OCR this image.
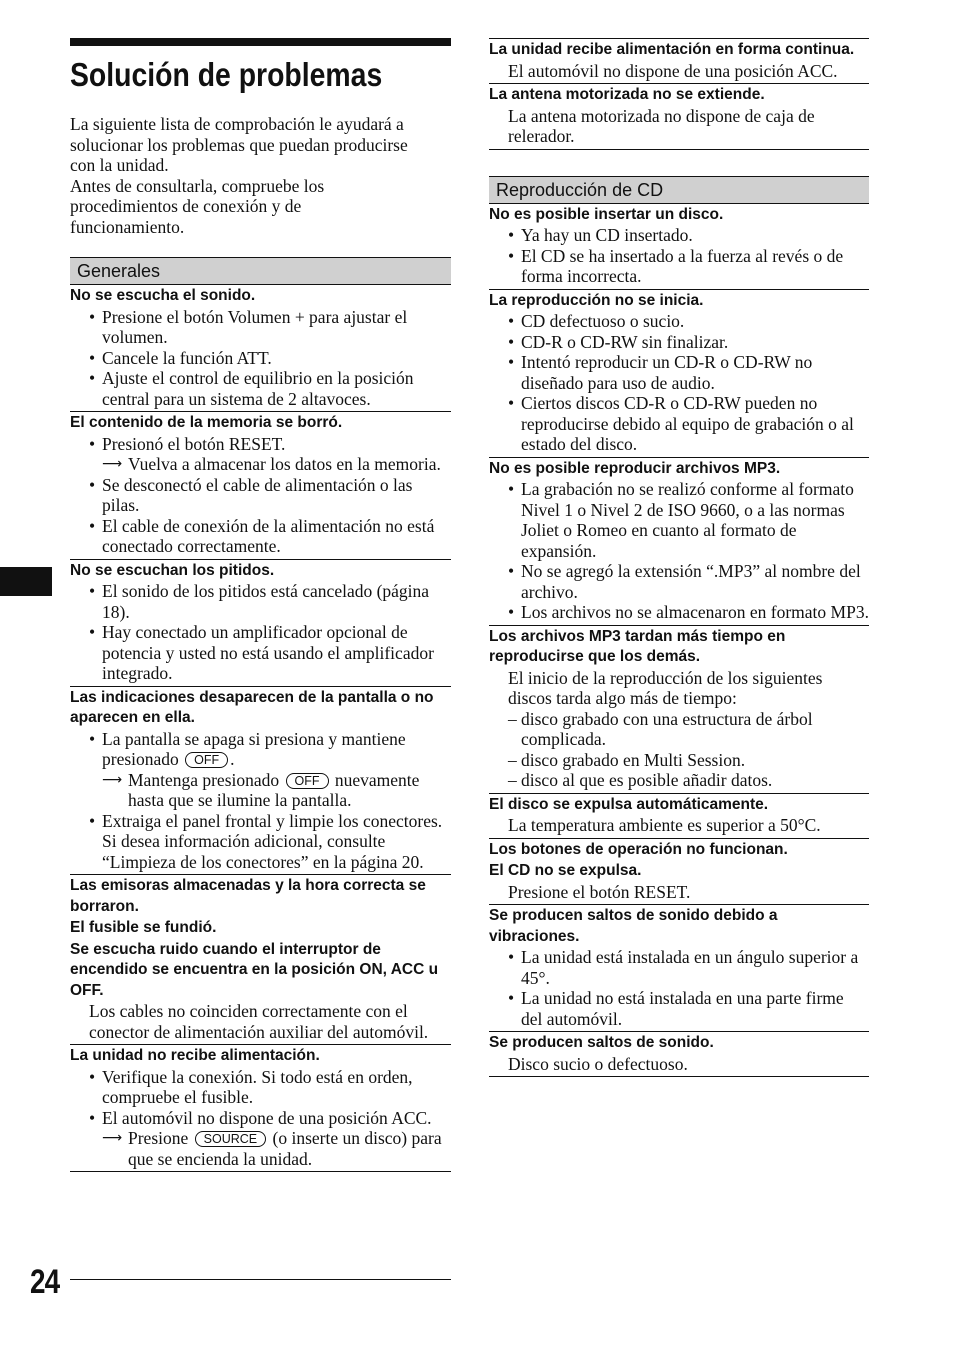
Solución de problemas
La siguiente lista de comprobación le ayudará a
solucionar los problemas que puedan producirse
con la unidad.
Antes de consultarla, compruebe los
procedimientos de conexión y de
funcionamiento.
Generales
No se escucha el sonido.
• Presione el botón Volumen + para ajustar el volumen.
• Cancele la función ATT.
• Ajuste el control de equilibrio en la posición central para un sistema de 2 altavoces.
El contenido de la memoria se borró.
• Presionó el botón RESET.
⟶ Vuelva a almacenar los datos en la memoria.
• Se desconectó el cable de alimentación o las pilas.
• El cable de conexión de la alimentación no está conectado correctamente.
No se escuchan los pitidos.
• El sonido de los pitidos está cancelado (página 18).
• Hay conectado un amplificador opcional de potencia y usted no está usando el amplificador integrado.
Las indicaciones desaparecen de la pantalla o no aparecen en ella.
• La pantalla se apaga si presiona y mantiene presionado OFF .
⟶ Mantenga presionado OFF nuevamente hasta que se ilumine la pantalla.
• Extraiga el panel frontal y limpie los conectores. Si desea información adicional, consulte “Limpieza de los conectores” en la página 20.
Las emisoras almacenadas y la hora correcta se borraron.
El fusible se fundió.
Se escucha ruido cuando el interruptor de encendido se encuentra en la posición ON, ACC u OFF.
Los cables no coinciden correctamente con el conector de alimentación auxiliar del automóvil.
La unidad no recibe alimentación.
• Verifique la conexión. Si todo está en orden, compruebe el fusible.
• El automóvil no dispone de una posición ACC.
⟶ Presione SOURCE (o inserte un disco) para que se encienda la unidad.
24
La unidad recibe alimentación en forma continua.
El automóvil no dispone de una posición ACC.
La antena motorizada no se extiende.
La antena motorizada no dispone de caja de relerador.
Reproducción de CD
No es posible insertar un disco.
• Ya hay un CD insertado.
• El CD se ha insertado a la fuerza al revés o de forma incorrecta.
La reproducción no se inicia.
• CD defectuoso o sucio.
• CD-R o CD-RW sin finalizar.
• Intentó reproducir un CD-R o CD-RW no diseñado para uso de audio.
• Ciertos discos CD-R o CD-RW pueden no reproducirse debido al equipo de grabación o al estado del disco.
No es posible reproducir archivos MP3.
• La grabación no se realizó conforme al formato Nivel 1 o Nivel 2 de ISO 9660, o a las normas Joliet o Romeo en cuanto al formato de expansión.
• No se agregó la extensión “.MP3” al nombre del archivo.
• Los archivos no se almacenaron en formato MP3.
Los archivos MP3 tardan más tiempo en reproducirse que los demás.
El inicio de la reproducción de los siguientes discos tarda algo más de tiempo:
– disco grabado con una estructura de árbol complicada.
– disco grabado en Multi Session.
– disco al que es posible añadir datos.
El disco se expulsa automáticamente.
La temperatura ambiente es superior a 50°C.
Los botones de operación no funcionan.
El CD no se expulsa.
Presione el botón RESET.
Se producen saltos de sonido debido a vibraciones.
• La unidad está instalada en un ángulo superior a 45°.
• La unidad no está instalada en una parte firme del automóvil.
Se producen saltos de sonido.
Disco sucio o defectuoso.
